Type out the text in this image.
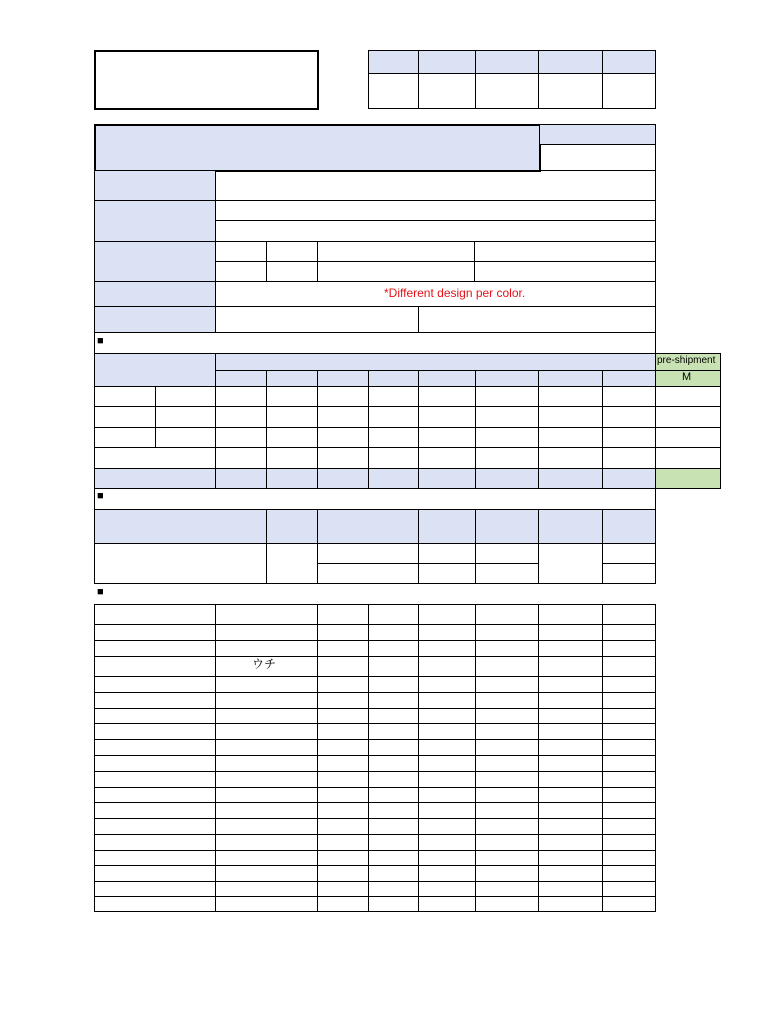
*Different design per color.
pre-shipment
M
ウチ
■
■
■
